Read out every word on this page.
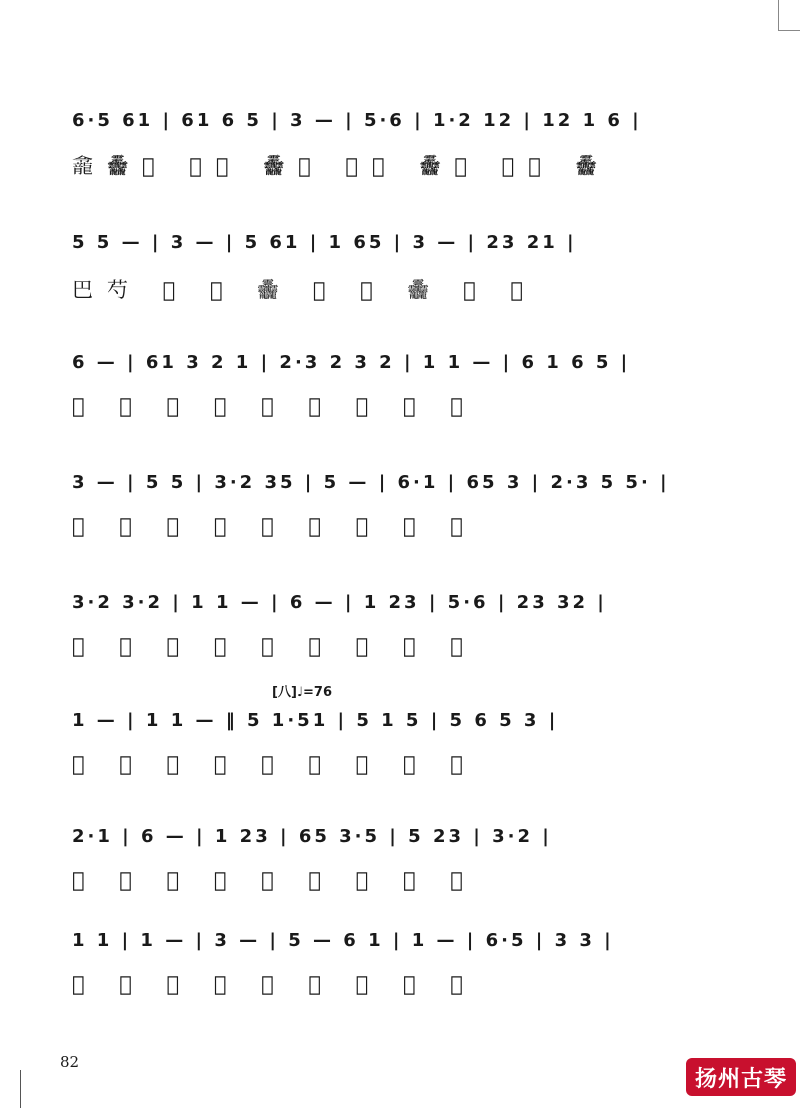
6·5 61 | 61 6 5 | 3 — | 5·6 | 1·2 12 | 12 1 6 |
𪚙𱁬𰢳 𱁪𰢳 𱁬𰢳 𱁪𰢳 𱁬𰢳 𱁪𰢳 𱁬
5 5 — | 3 — | 5 61 | 1 65 | 3 — | 23 21 |
巴芍 𰢲 𰢳 𱁬 𰢳 𱁪 𱁬 𰢳 𱁪
6 — | 61 3 2 1 | 2·3 2 3 2 | 1 1 — | 6 1 6 5 |
𰢲 𱁬 𰢳 𱁪 𰢳 𱁪 𱁬 𰢳 𱁪
3 — | 5 5 | 3·2 35 | 5 — | 6·1 | 65 3 | 2·3 5 5· |
𰢳 𱁬 𰢳 𱁪 𰢳 𱁬 𰢳 𱁪 𰢳
3·2 3·2 | 1 1 — | 6 — | 1 23 | 5·6 | 23 32 |
𰢳 𱁬 𰢳 𱁪 𰢳 𱁬 𰢳 𱁪 𰢳
1 — | 1 1 — ‖ 5 1·51 | 5 1 5 | 5 6 5 3 |
𰢳 𱁬 𰢳 𱁪 团 𰢳 𱁬 𰢳 𱁪
2·1 | 6 — | 1 23 | 65 3·5 | 5 23 | 3·2 |
𰢳 𱁬 𰢳 𱁪 𰢳 𱁬 𰢳 𱁪 𰢳
1 1 | 1 — | 3 — | 5 — 6 1 | 1 — | 6·5 | 3 3 |
𰢳 𱁬 𰢳 𱁪 𰢳 𱁬 𰢳 𱁪 𰢳
[八]♩=76
82
扬州古琴
